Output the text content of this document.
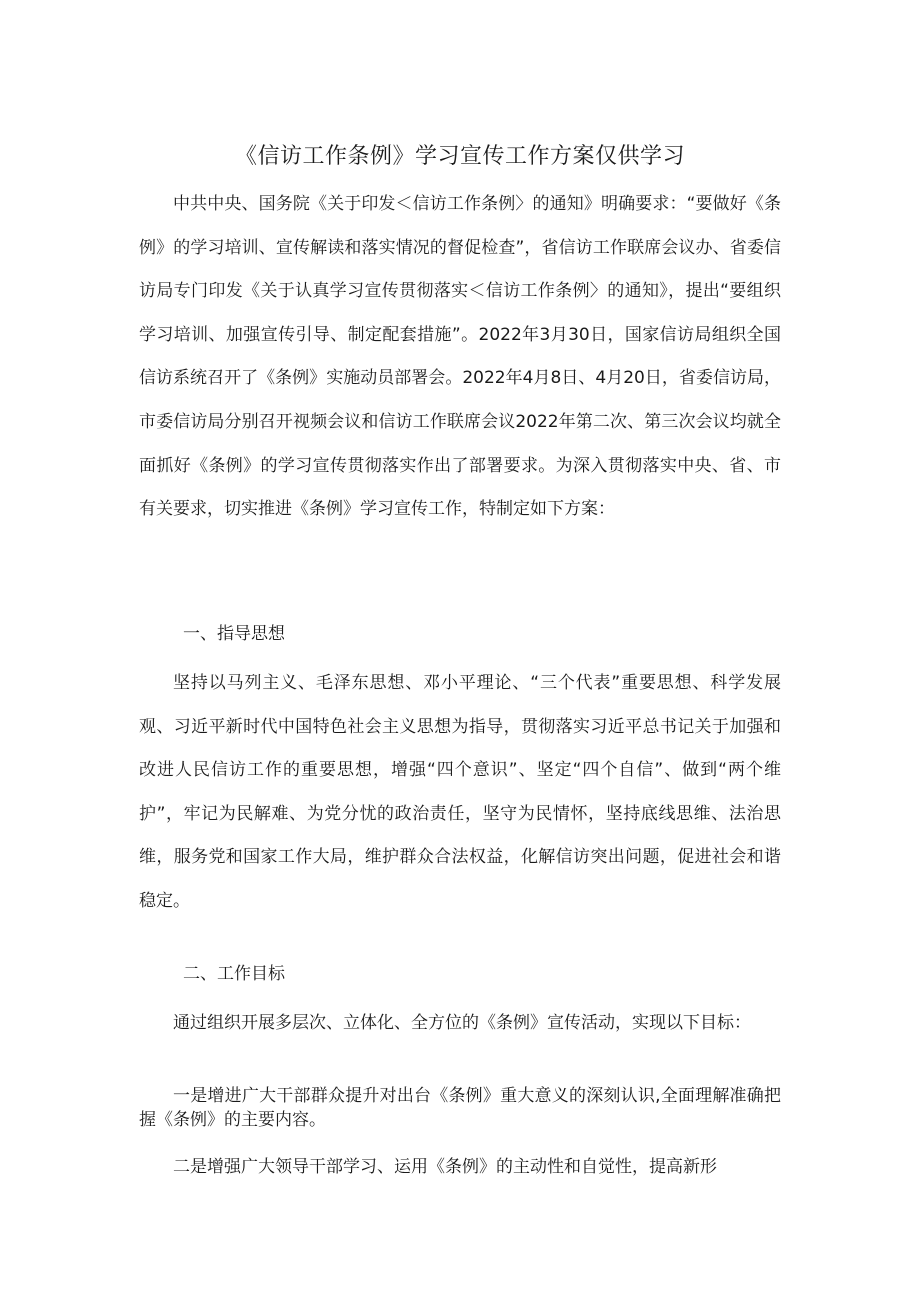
《信访工作条例》学习宣传工作方案仅供学习
中共中央、国务院《关于印发＜信访工作条例〉的通知》明确要求：“要做好《条例》的学习培训、宣传解读和落实情况的督促检查”，省信访工作联席会议办、省委信访局专门印发《关于认真学习宣传贯彻落实＜信访工作条例〉的通知》，提出“要组织学习培训、加强宣传引导、制定配套措施”。2022年3月30日，国家信访局组织全国信访系统召开了《条例》实施动员部署会。2022年4月8日、4月20日，省委信访局，市委信访局分别召开视频会议和信访工作联席会议2022年第二次、第三次会议均就全面抓好《条例》的学习宣传贯彻落实作出了部署要求。为深入贯彻落实中央、省、市有关要求，切实推进《条例》学习宣传工作，特制定如下方案：
一、指导思想
坚持以马列主义、毛泽东思想、邓小平理论、“三个代表”重要思想、科学发展观、习近平新时代中国特色社会主义思想为指导，贯彻落实习近平总书记关于加强和改进人民信访工作的重要思想，增强“四个意识”、坚定“四个自信”、做到“两个维护”，牢记为民解难、为党分忧的政治责任，坚守为民情怀，坚持底线思维、法治思维，服务党和国家工作大局，维护群众合法权益，化解信访突出问题，促进社会和谐稳定。
二、工作目标
通过组织开展多层次、立体化、全方位的《条例》宣传活动，实现以下目标：
一是增进广大干部群众提升对出台《条例》重大意义的深刻认识,全面理解准确把握《条例》的主要内容。
二是增强广大领导干部学习、运用《条例》的主动性和自觉性，提高新形
